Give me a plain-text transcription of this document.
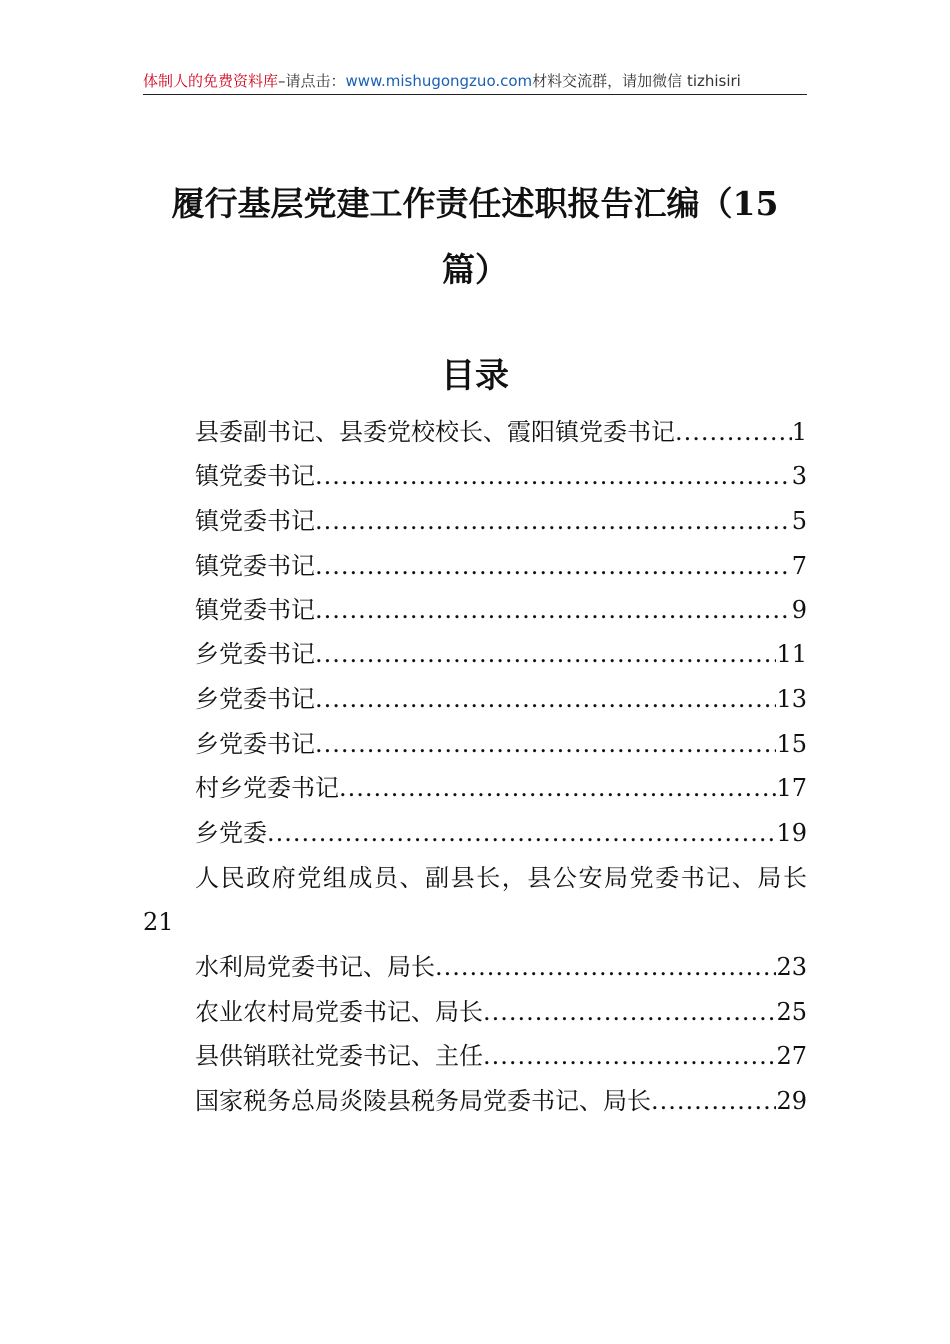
体制人的免费资料库–请点击：www.mishugongzuo.com材料交流群，请加微信 tizhisiri
履行基层党建工作责任述职报告汇编（15
篇）
目录
县委副书记、县委党校校长、霞阳镇党委书记 .....	1
镇党委书记 .....	3
镇党委书记 .....	5
镇党委书记 .....	7
镇党委书记 .....	9
乡党委书记 .....	11
乡党委书记 .....	13
乡党委书记 .....	15
村乡党委书记 .....	17
乡党委 .....	19
人民政府党组成员、副县长，县公安局党委书记、局长
21
水利局党委书记、局长 .....	23
农业农村局党委书记、局长 .....	25
县供销联社党委书记、主任 .....	27
国家税务总局炎陵县税务局党委书记、局长 .....	29
